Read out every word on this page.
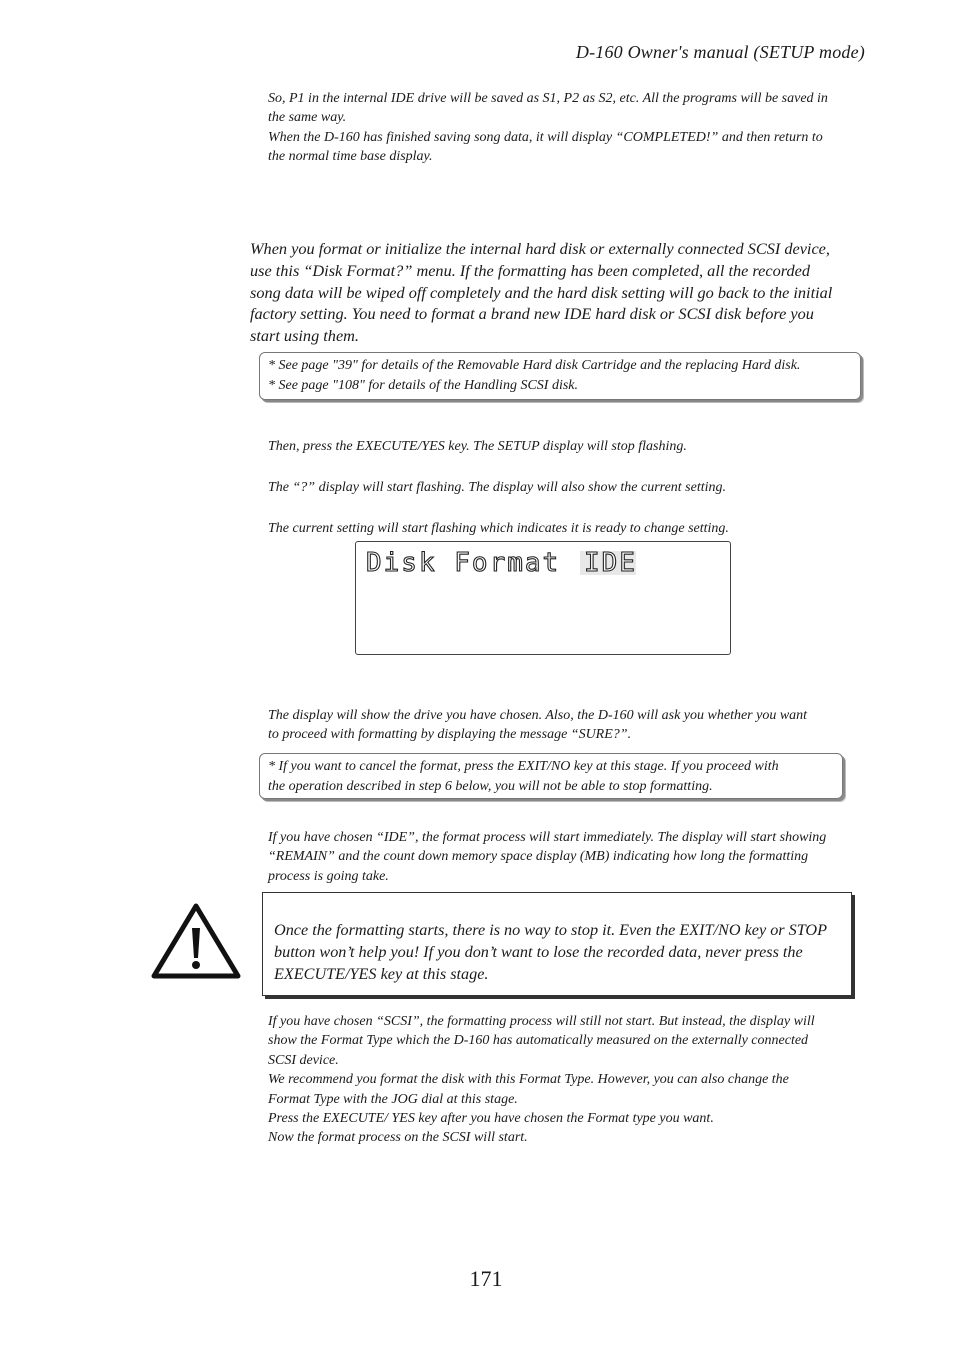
D-160 Owner's manual (SETUP mode)
So, P1 in the internal IDE drive will be saved as S1, P2 as S2, etc. All the programs will be saved in
the same way.
When the D-160 has finished saving song data, it will display “COMPLETED!” and then return to
the normal time base display.
When you format or initialize the internal hard disk or externally connected SCSI device,
use this “Disk Format?” menu. If the formatting has been completed, all the recorded
song data will be wiped off completely and the hard disk setting will go back to the initial
factory setting. You need to format a brand new IDE hard disk or SCSI disk before you
start using them.
* See page "39" for details of the Removable Hard disk Cartridge and the replacing Hard disk.
* See page "108" for details of the Handling SCSI disk.
Then, press the EXECUTE/YES key. The SETUP display will stop flashing.
The “?” display will start flashing. The display will also show the current setting.
The current setting will start flashing which indicates it is ready to change setting.
Disk Format IDE
The display will show the drive you have chosen. Also, the D-160 will ask you whether you want
to proceed with formatting by displaying the message “SURE?”.
* If you want to cancel the format, press the EXIT/NO key at this stage. If you proceed with
the operation described in step 6 below, you will not be able to stop formatting.
If you have chosen “IDE”, the format process will start immediately. The display will start showing
“REMAIN” and the count down memory space display (MB) indicating how long the formatting
process is going take.
Once the formatting starts, there is no way to stop it. Even the EXIT/NO key or STOP
button won’t help you! If you don’t want to lose the recorded data, never press the
EXECUTE/YES key at this stage.
If you have chosen “SCSI”, the formatting process will still not start. But instead, the display will
show the Format Type which the D-160 has automatically measured on the externally connected
SCSI device.
We recommend you format the disk with this Format Type. However, you can also change the
Format Type with the JOG dial at this stage.
Press the EXECUTE/ YES key after you have chosen the Format type you want.
Now the format process on the SCSI will start.
171
